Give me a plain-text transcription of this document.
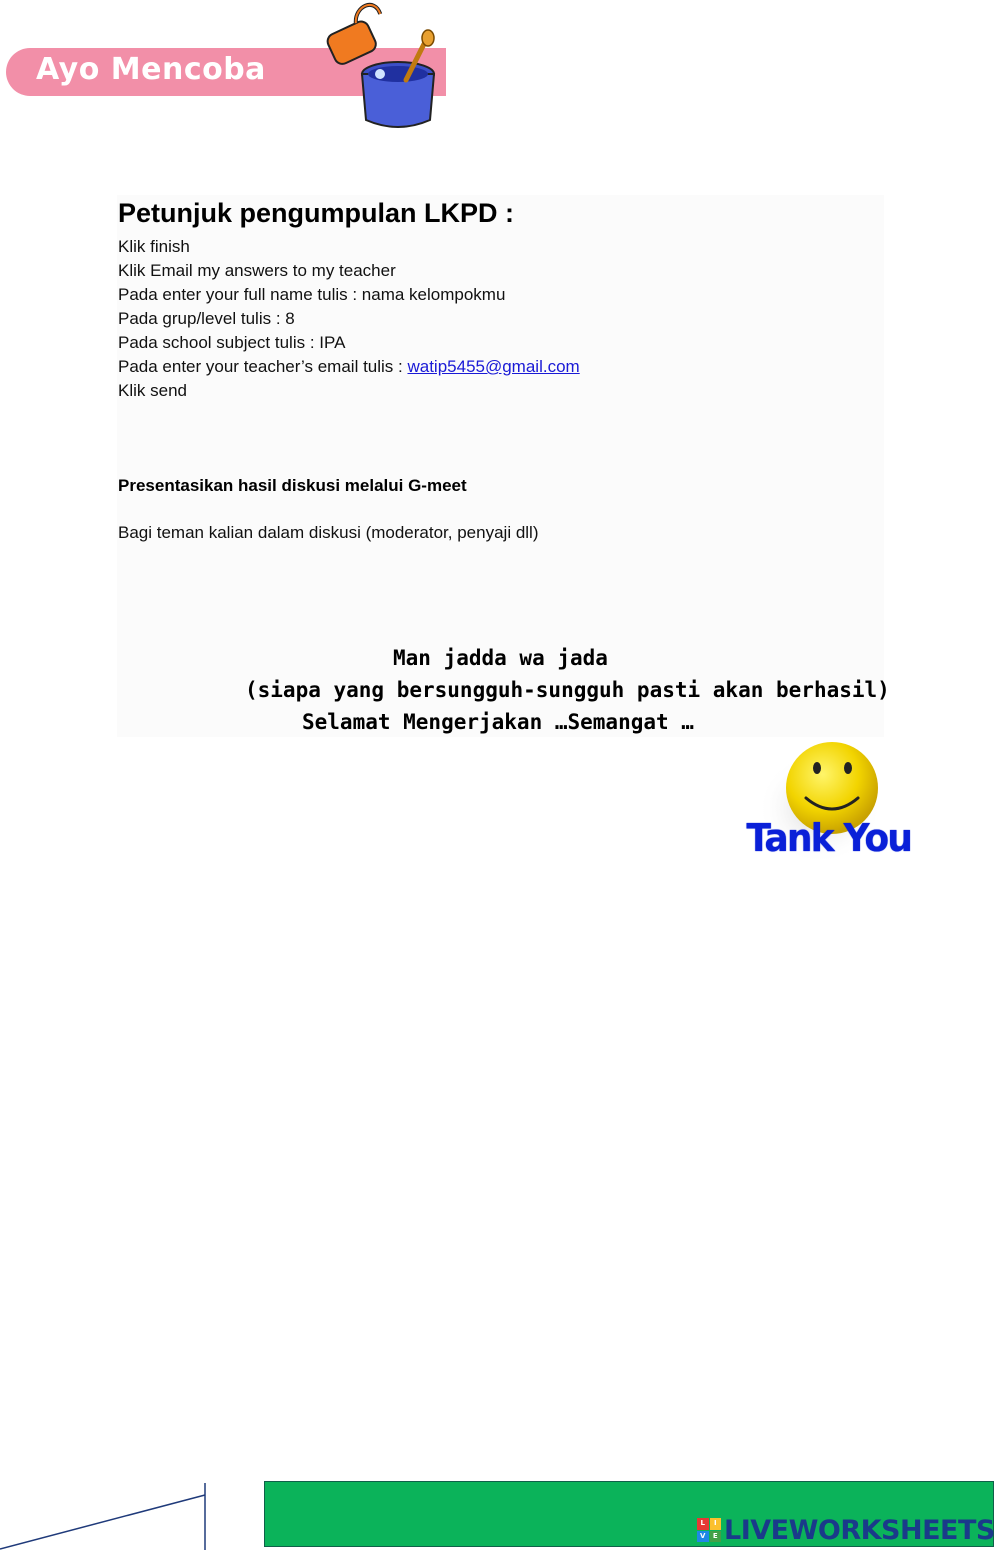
Ayo Mencoba
Petunjuk pengumpulan LKPD :
Klik finish
Klik Email my answers to my teacher
Pada enter your full name tulis : nama kelompokmu
Pada grup/level tulis : 8
Pada school subject tulis : IPA
Pada enter your teacher’s email tulis : watip5455@gmail.com
Klik send
Presentasikan hasil diskusi melalui G-meet
Bagi teman kalian dalam diskusi (moderator, penyaji dll)
Man jadda wa jada
(siapa yang bersungguh-sungguh pasti akan berhasil)
Selamat Mengerjakan …Semangat …
Tank You
L	I
V	E LIVEWORKSHEETS
